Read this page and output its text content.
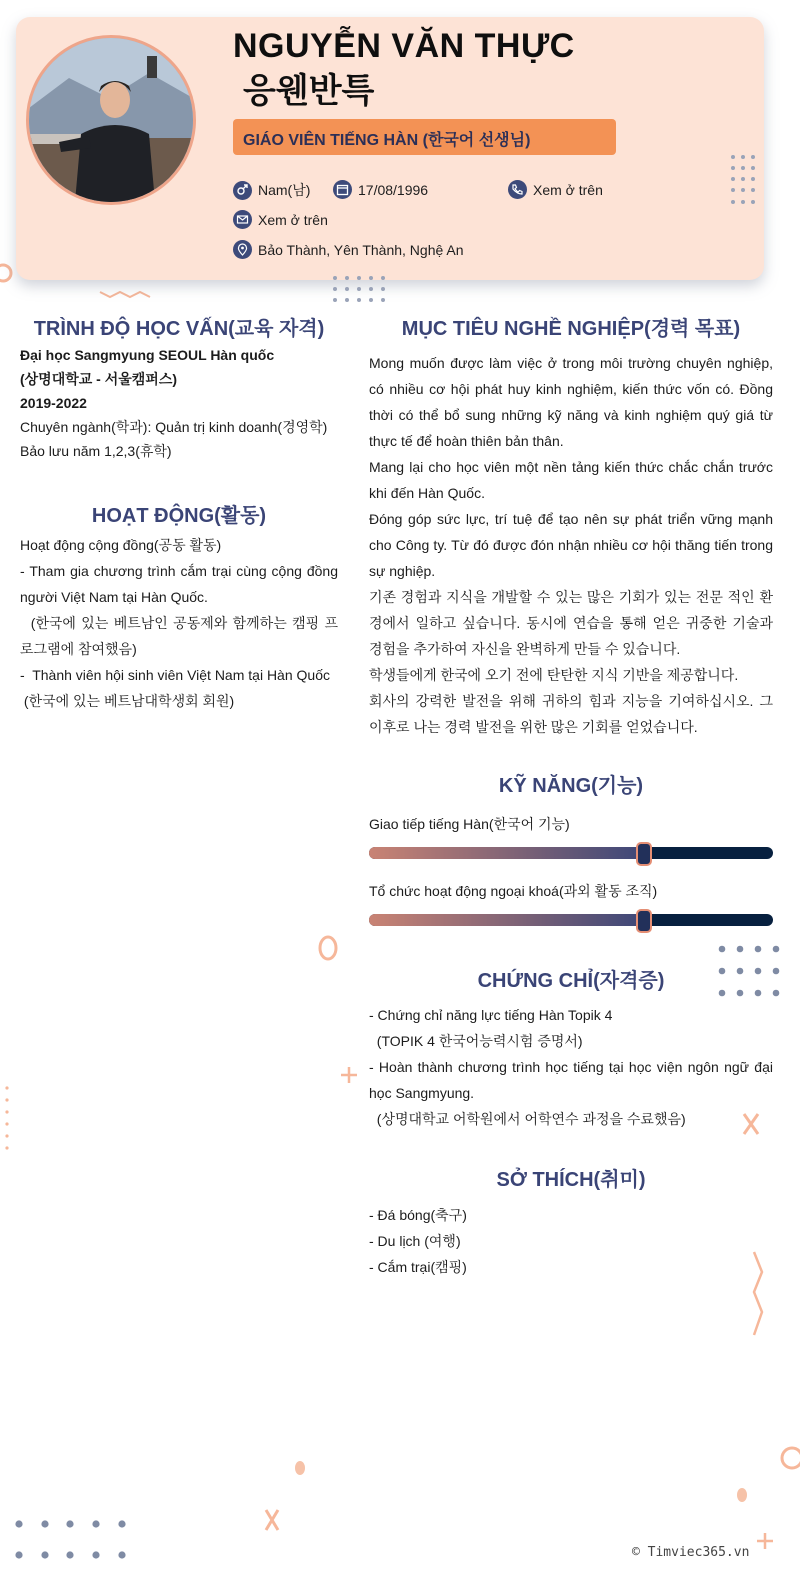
NGUYỄN VĂN THỰC
응웬반특
GIÁO VIÊN TIẾNG HÀN (한국어 선생님)
Nam(남)	17/08/1996	Xem ở trên
Xem ở trên
Bảo Thành, Yên Thành, Nghệ An
TRÌNH ĐỘ HỌC VẤN(교육 자격)
Đại học Sangmyung SEOUL Hàn quốc
(상명대학교 - 서울캠퍼스)
2019-2022
Chuyên ngành(학과): Quản trị kinh doanh(경영학)
Bảo lưu năm 1,2,3(휴학)
HOẠT ĐỘNG(활동)
Hoạt động cộng đồng(공동 활동)
- Tham gia chương trình cắm trại cùng cộng đồng người Việt Nam tại Hàn Quốc.
(한국에 있는 베트남인 공동제와 함께하는 캠핑 프로그램에 참여했음)
-  Thành viên hội sinh viên Việt Nam tại Hàn Quốc
(한국에 있는 베트남대학생회 회원)
MỤC TIÊU NGHỀ NGHIỆP(경력 목표)
Mong muốn được làm việc ở trong môi trường chuyên nghiệp, có nhiều cơ hội phát huy kinh nghiệm, kiến thức vốn có. Đồng thời có thể bổ sung những kỹ năng và kinh nghiệm quý giá từ thực tế để hoàn thiên bản thân.
Mang lại cho học viên một nền tảng kiến thức chắc chắn trước khi đến Hàn Quốc.
Đóng góp sức lực, trí tuệ để tạo nên sự phát triển vững mạnh cho Công ty. Từ đó được đón nhận nhiều cơ hội thăng tiến trong sự nghiệp.
기존 경험과 지식을 개발할 수 있는 많은 기회가 있는 전문 적인 환경에서 일하고 싶습니다. 동시에 연습을 통해 얻은 귀중한 기술과 경험을 추가하여 자신을 완벽하게 만들 수 있습니다.
학생들에게 한국에 오기 전에 탄탄한 지식 기반을 제공합니다.
회사의 강력한 발전을 위해 귀하의 힘과 지능을 기여하십시오. 그 이후로 나는 경력 발전을 위한 많은 기회를 얻었습니다.
KỸ NĂNG(기능)
Giao tiếp tiếng Hàn(한국어 기능)
Tổ chức hoạt động ngoại khoá(과외 활동 조직)
CHỨNG CHỈ(자격증)
- Chứng chỉ năng lực tiếng Hàn Topik 4
(TOPIK 4 한국어능력시험 증명서)
- Hoàn thành chương trình học tiếng tại học viện ngôn ngữ đại học Sangmyung.
(상명대학교 어학원에서 어학연수 과정을 수료했음)
SỞ THÍCH(취미)
- Đá bóng(축구)
- Du lịch (여행)
- Cắm trại(캠핑)
© Timviec365.vn
